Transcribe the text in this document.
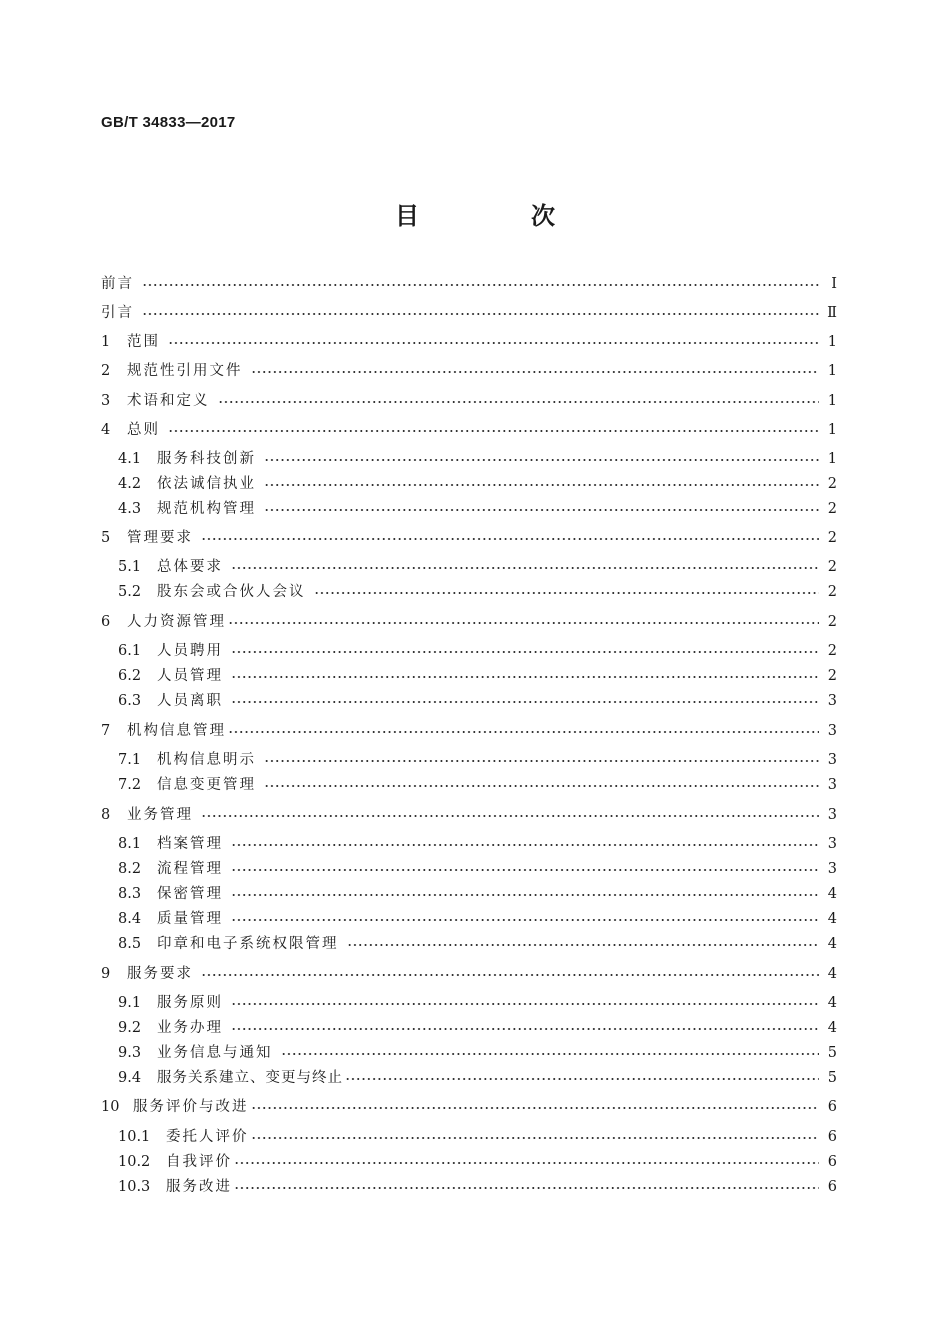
GB/T 34833—2017
目　次
前言	Ⅰ
引言	Ⅱ
1	范围	1
2	规范性引用文件	1
3	术语和定义	1
4	总则	1
4.1	服务科技创新	1
4.2	依法诚信执业	2
4.3	规范机构管理	2
5	管理要求	2
5.1	总体要求	2
5.2	股东会或合伙人会议	2
6	人力资源管理	2
6.1	人员聘用	2
6.2	人员管理	2
6.3	人员离职	3
7	机构信息管理	3
7.1	机构信息明示	3
7.2	信息变更管理	3
8	业务管理	3
8.1	档案管理	3
8.2	流程管理	3
8.3	保密管理	4
8.4	质量管理	4
8.5	印章和电子系统权限管理	4
9	服务要求	4
9.1	服务原则	4
9.2	业务办理	4
9.3	业务信息与通知	5
9.4	服务关系建立、变更与终止	5
10 服务评价与改进	6
10.1	委托人评价	6
10.2	自我评价	6
10.3	服务改进	6
